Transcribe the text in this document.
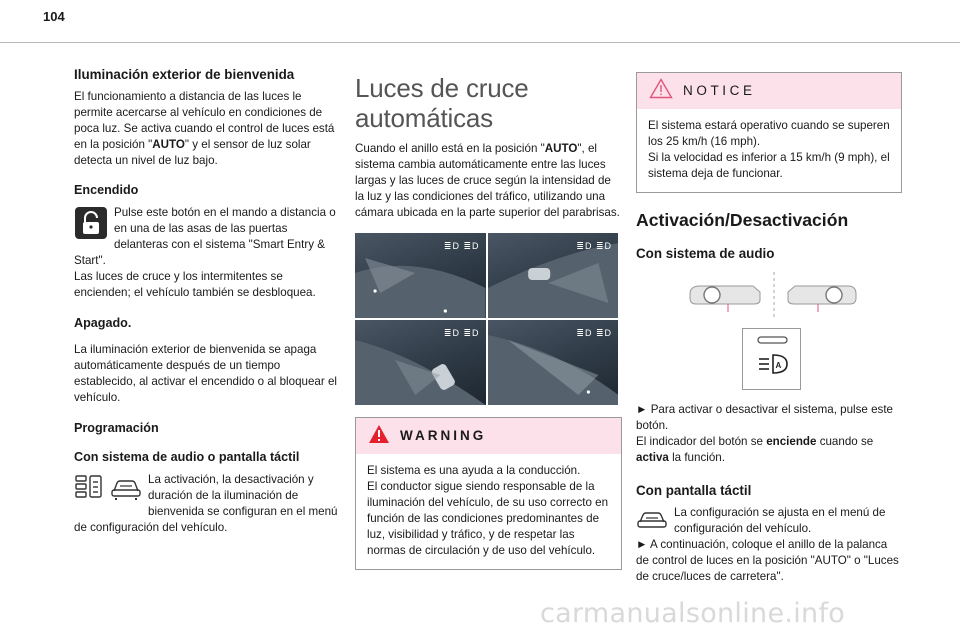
104
Iluminación exterior de bienvenida
El funcionamiento a distancia de las luces le permite acercarse al vehículo en condiciones de poca luz. Se activa cuando el control de luces está en la posición "AUTO" y el sensor de luz solar detecta un nivel de luz bajo.
Encendido
Pulse este botón en el mando a distancia o en una de las asas de las puertas delanteras con el sistema "Smart Entry & Start".
Las luces de cruce y los intermitentes se encienden; el vehículo también se desbloquea.
Apagado.
La iluminación exterior de bienvenida se apaga automáticamente después de un tiempo establecido, al activar el encendido o al bloquear el vehículo.
Programación
Con sistema de audio o pantalla táctil
La activación, la desactivación y duración de la iluminación de bienvenida se configuran en el menú de configuración del vehículo.
Luces de cruce automáticas
Cuando el anillo está en la posición "AUTO", el sistema cambia automáticamente entre las luces largas y las luces de cruce según la intensidad de la luz y las condiciones del tráfico, utilizando una cámara ubicada en la parte superior del parabrisas.
≣D ≣D	≣D ≣D
≣D ≣D	≣D ≣D
WARNING
El sistema es una ayuda a la conducción.
El conductor sigue siendo responsable de la iluminación del vehículo, de su uso correcto en función de las condiciones predominantes de luz, visibilidad y tráfico, y de respetar las normas de circulación y de uso del vehículo.
NOTICE
El sistema estará operativo cuando se superen los 25 km/h (16 mph).
Si la velocidad es inferior a 15 km/h (9 mph), el sistema deja de funcionar.
Activación/Desactivación
Con sistema de audio
A
► Para activar o desactivar el sistema, pulse este botón.
El indicador del botón se enciende cuando se activa la función.
Con pantalla táctil
La configuración se ajusta en el menú de configuración del vehículo.
► A continuación, coloque el anillo de la palanca de control de luces en la posición "AUTO" o "Luces de cruce/luces de carretera".
carmanualsonline.info
